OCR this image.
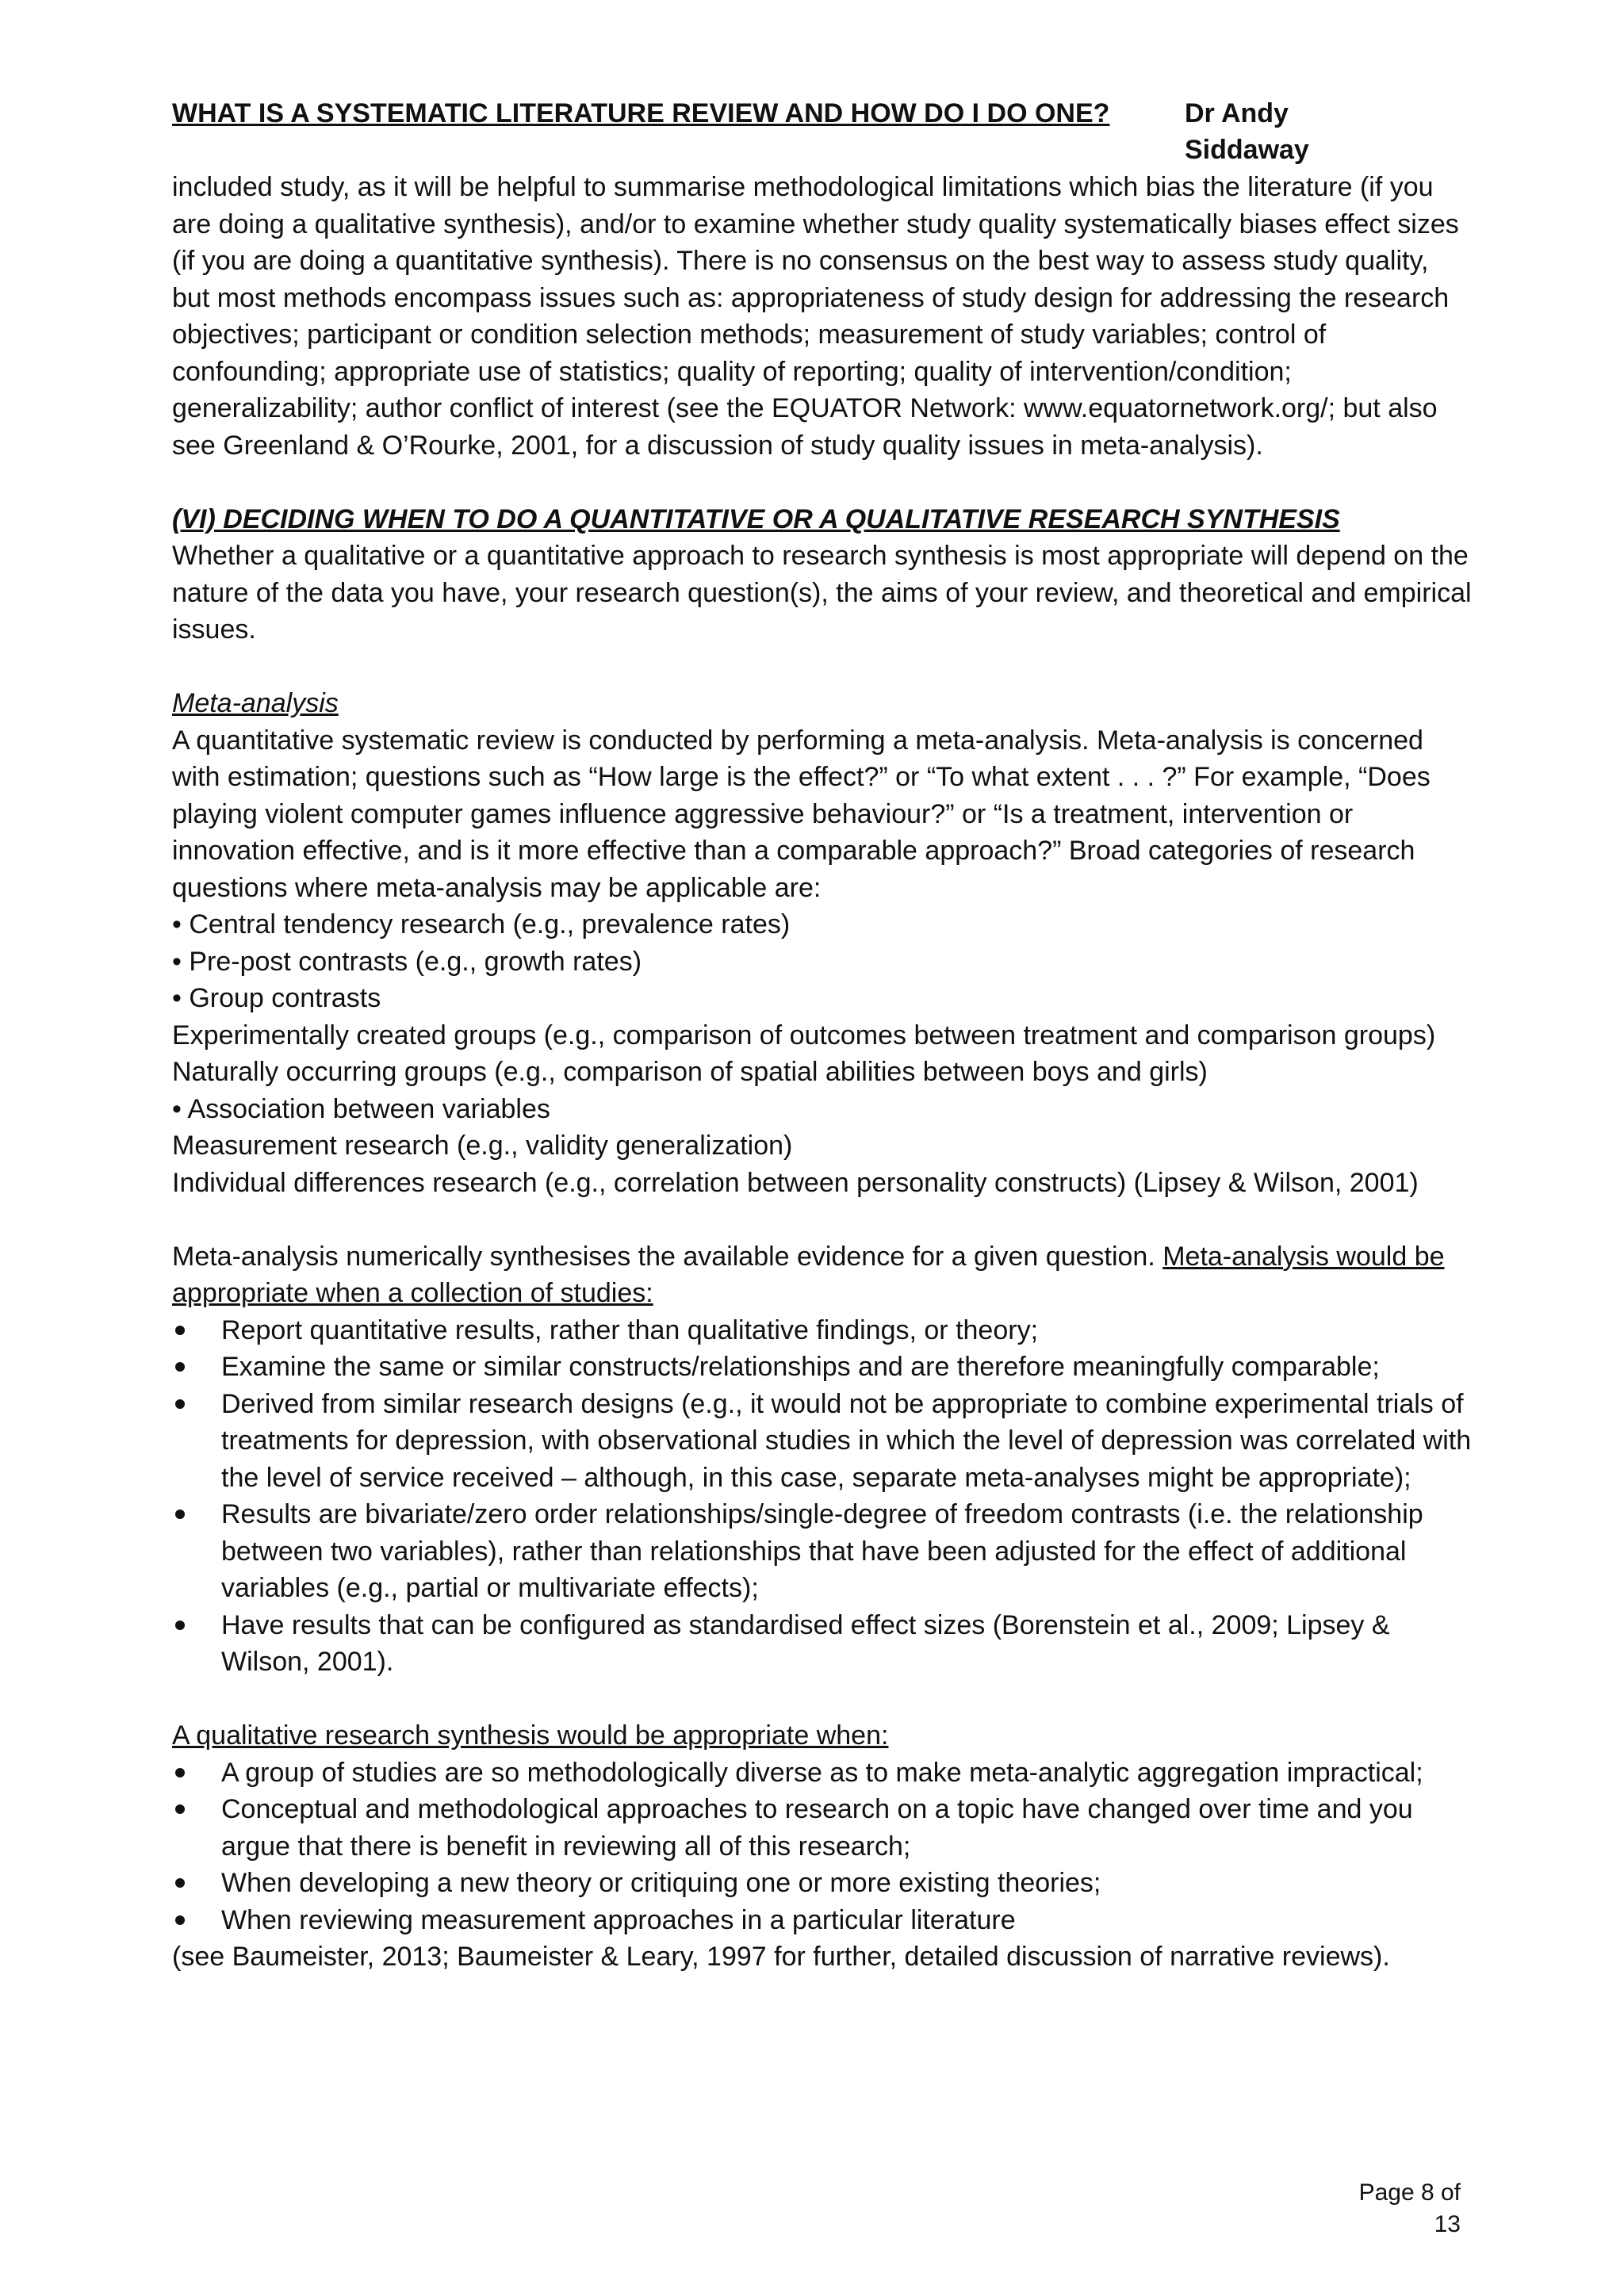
WHAT IS A SYSTEMATIC LITERATURE REVIEW AND HOW DO I DO ONE?	Dr Andy Siddaway

included study, as it will be helpful to summarise methodological limitations which bias the literature (if you are doing a qualitative synthesis), and/or to examine whether study quality systematically biases effect sizes (if you are doing a quantitative synthesis). There is no consensus on the best way to assess study quality, but most methods encompass issues such as: appropriateness of study design for addressing the research objectives; participant or condition selection methods; measurement of study variables; control of confounding; appropriate use of statistics; quality of reporting; quality of intervention/condition; generalizability; author conflict of interest (see the EQUATOR Network: www.equatornetwork.org/; but also see Greenland & O’Rourke, 2001, for a discussion of study quality issues in meta-analysis).

(VI) DECIDING WHEN TO DO A QUANTITATIVE OR A QUALITATIVE RESEARCH SYNTHESIS

Whether a qualitative or a quantitative approach to research synthesis is most appropriate will depend on the nature of the data you have, your research question(s), the aims of your review, and theoretical and empirical issues.

Meta-analysis

A quantitative systematic review is conducted by performing a meta-analysis. Meta-analysis is concerned with estimation; questions such as “How large is the effect?” or “To what extent . . . ?” For example, “Does playing violent computer games influence aggressive behaviour?” or “Is a treatment, intervention or innovation effective, and is it more effective than a comparable approach?” Broad categories of research questions where meta-analysis may be applicable are:

• Central tendency research (e.g., prevalence rates)
• Pre-post contrasts (e.g., growth rates)
• Group contrasts
Experimentally created groups (e.g., comparison of outcomes between treatment and comparison groups)
Naturally occurring groups (e.g., comparison of spatial abilities between boys and girls)
• Association between variables
Measurement research (e.g., validity generalization)
Individual differences research (e.g., correlation between personality constructs) (Lipsey & Wilson, 2001)

Meta-analysis numerically synthesises the available evidence for a given question. Meta-analysis would be appropriate when a collection of studies:

Report quantitative results, rather than qualitative findings, or theory;
Examine the same or similar constructs/relationships and are therefore meaningfully comparable;
Derived from similar research designs (e.g., it would not be appropriate to combine experimental trials of treatments for depression, with observational studies in which the level of depression was correlated with the level of service received – although, in this case, separate meta-analyses might be appropriate);
Results are bivariate/zero order relationships/single-degree of freedom contrasts (i.e. the relationship between two variables), rather than relationships that have been adjusted for the effect of additional variables (e.g., partial or multivariate effects);
Have results that can be configured as standardised effect sizes (Borenstein et al., 2009; Lipsey & Wilson, 2001).

A qualitative research synthesis would be appropriate when:

A group of studies are so methodologically diverse as to make meta-analytic aggregation impractical;
Conceptual and methodological approaches to research on a topic have changed over time and you argue that there is benefit in reviewing all of this research;
When developing a new theory or critiquing one or more existing theories;
When reviewing measurement approaches in a particular literature

(see Baumeister, 2013; Baumeister & Leary, 1997 for further, detailed discussion of narrative reviews).

Page 8 of 13
